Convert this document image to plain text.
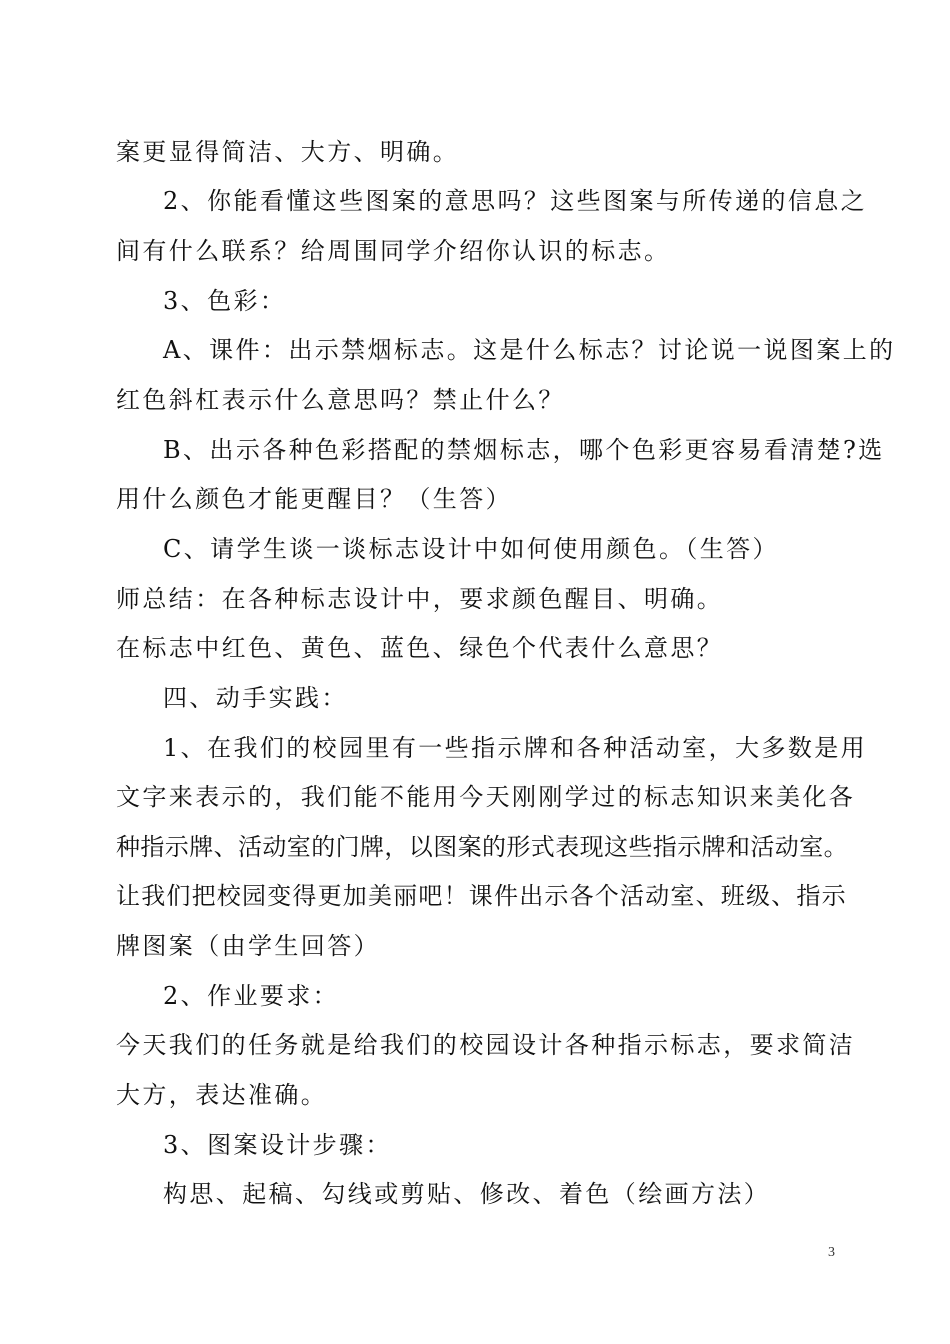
案更显得简洁、大方、明确。
2、你能看懂这些图案的意思吗？这些图案与所传递的信息之
间有什么联系？给周围同学介绍你认识的标志。
3、色彩：
A、课件：出示禁烟标志。这是什么标志？讨论说一说图案上的
红色斜杠表示什么意思吗？禁止什么？
B、出示各种色彩搭配的禁烟标志，哪个色彩更容易看清楚?选
用什么颜色才能更醒目？（生答）
C、请学生谈一谈标志设计中如何使用颜色。（生答）
师总结：在各种标志设计中，要求颜色醒目、明确。
在标志中红色、黄色、蓝色、绿色个代表什么意思？
四、动手实践：
1、在我们的校园里有一些指示牌和各种活动室，大多数是用
文字来表示的，我们能不能用今天刚刚学过的标志知识来美化各
种指示牌、活动室的门牌，以图案的形式表现这些指示牌和活动室。
让我们把校园变得更加美丽吧！课件出示各个活动室、班级、指示
牌图案（由学生回答）
2、作业要求：
今天我们的任务就是给我们的校园设计各种指示标志，要求简洁
大方，表达准确。
3、图案设计步骤：
构思、起稿、勾线或剪贴、修改、着色（绘画方法）
3
